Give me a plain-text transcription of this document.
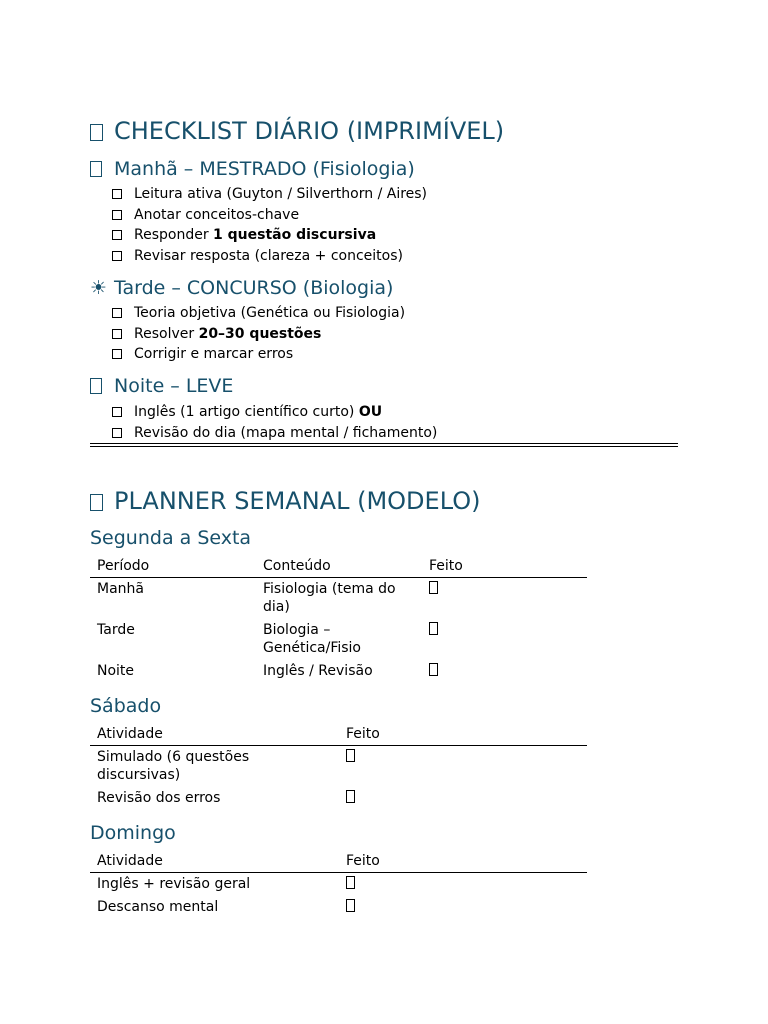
CHECKLIST DIÁRIO (IMPRIMÍVEL)
Manhã – MESTRADO (Fisiologia)
Leitura ativa (Guyton / Silverthorn / Aires)
Anotar conceitos-chave
Responder 1 questão discursiva
Revisar resposta (clareza + conceitos)
☀ Tarde – CONCURSO (Biologia)
Teoria objetiva (Genética ou Fisiologia)
Resolver 20–30 questões
Corrigir e marcar erros
Noite – LEVE
Inglês (1 artigo científico curto) OU
Revisão do dia (mapa mental / fichamento)
PLANNER SEMANAL (MODELO)
Segunda a Sexta
Período	Conteúdo	Feito
Manhã	Fisiologia (tema do dia)	
Tarde	Biologia – Genética/Fisio	
Noite	Inglês / Revisão	
Sábado
Atividade	Feito
Simulado (6 questões discursivas)	
Revisão dos erros	
Domingo
Atividade	Feito
Inglês + revisão geral	
Descanso mental	
